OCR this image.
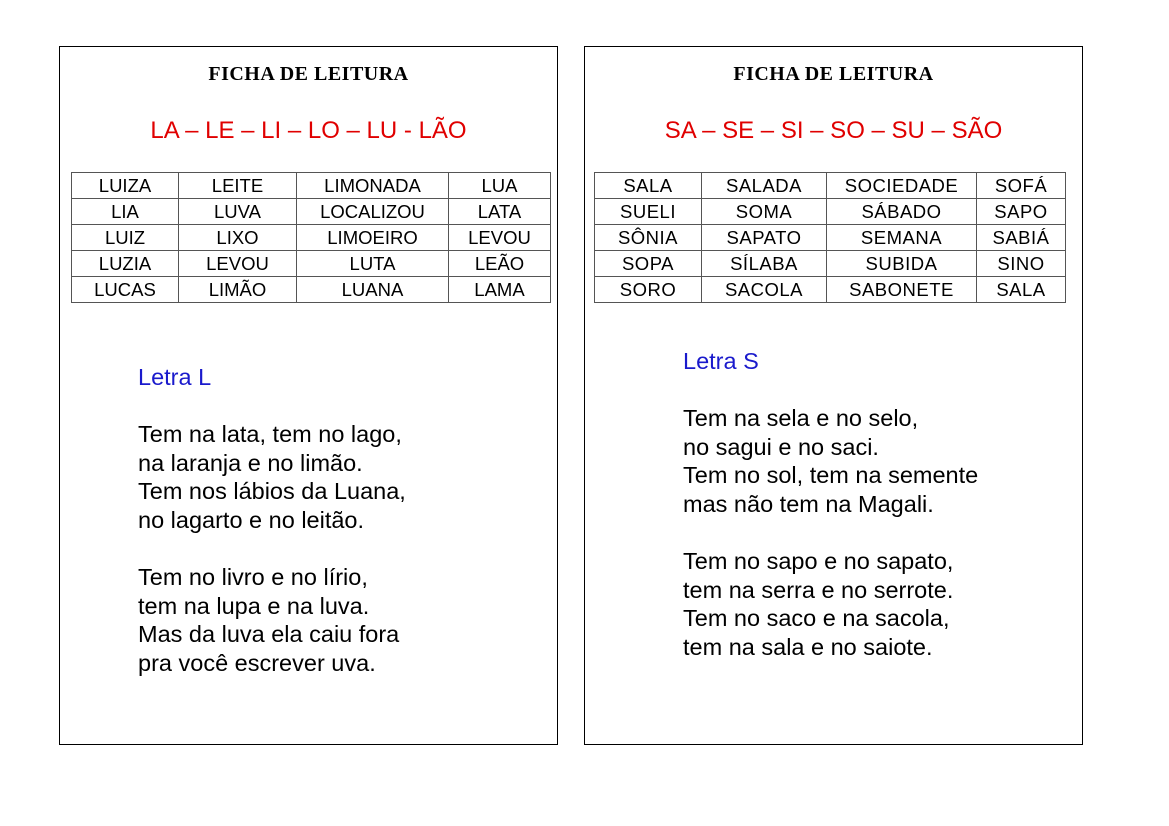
FICHA DE LEITURA
LA – LE – LI – LO – LU - LÃO
LUIZA	LEITE	LIMONADA	LUA
LIA	LUVA	LOCALIZOU	LATA
LUIZ	LIXO	LIMOEIRO	LEVOU
LUZIA	LEVOU	LUTA	LEÃO
LUCAS	LIMÃO	LUANA	LAMA
Letra L
Tem na lata, tem no lago,
na laranja e no limão.
Tem nos lábios da Luana,
no lagarto e no leitão.
Tem no livro e no lírio,
tem na lupa e na luva.
Mas da luva ela caiu fora
pra você escrever uva.
FICHA DE LEITURA
SA – SE – SI – SO – SU – SÃO
SALA	SALADA	SOCIEDADE	SOFÁ
SUELI	SOMA	SÁBADO	SAPO
SÔNIA	SAPATO	SEMANA	SABIÁ
SOPA	SÍLABA	SUBIDA	SINO
SORO	SACOLA	SABONETE	SALA
Letra S
Tem na sela e no selo,
no sagui e no saci.
Tem no sol, tem na semente
mas não tem na Magali.
Tem no sapo e no sapato,
tem na serra e no serrote.
Tem no saco e na sacola,
tem na sala e no saiote.
